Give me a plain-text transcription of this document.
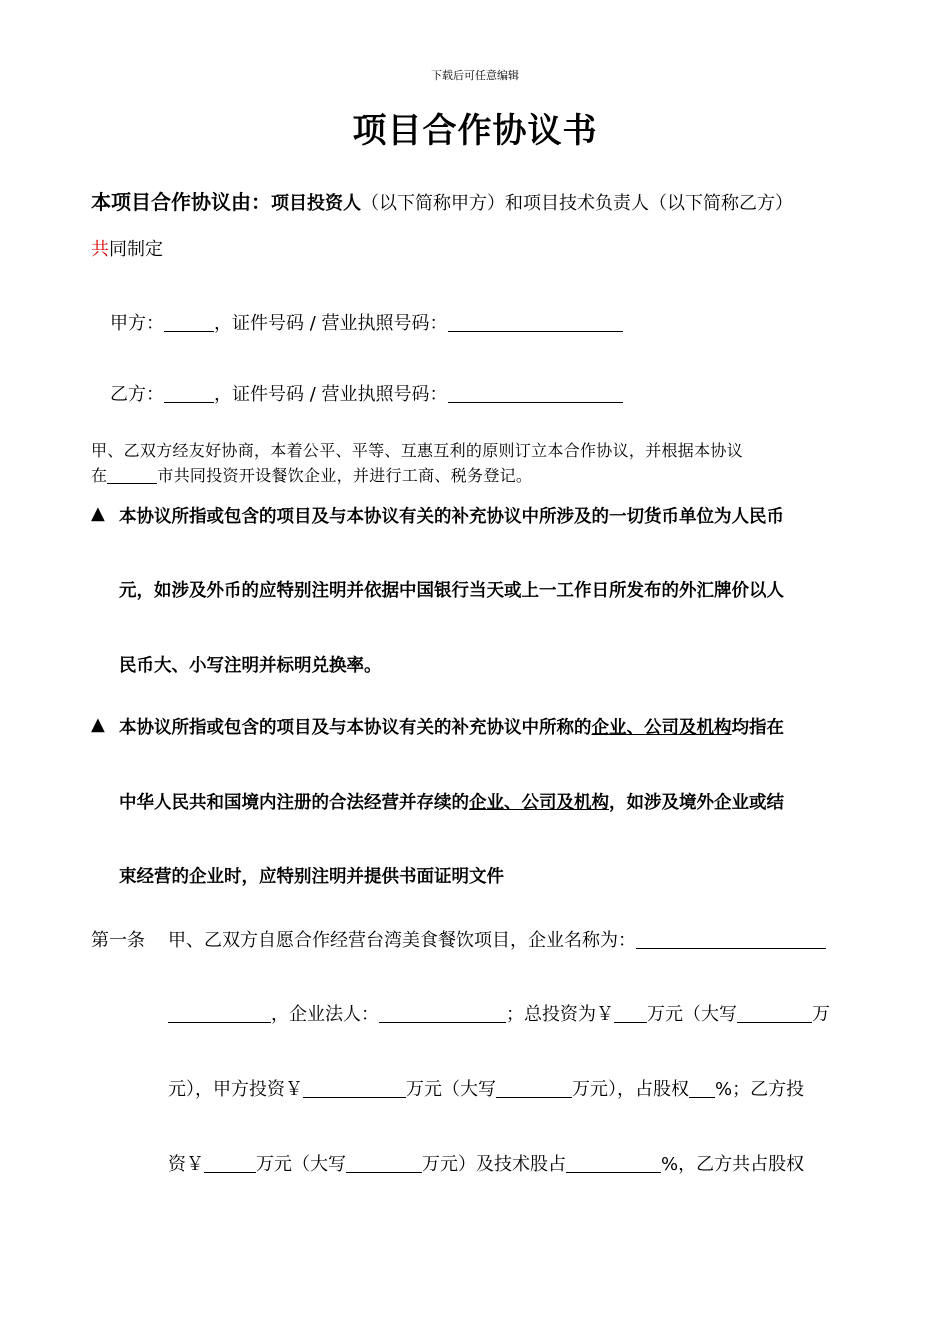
下载后可任意编辑
项目合作协议书
本项目合作协议由：项目投资人（以下简称甲方）和项目技术负责人（以下简称乙方）
共同制定
甲方：	，证件号码 / 营业执照号码：
乙方：	，证件号码 / 营业执照号码：
甲、乙双方经友好协商，本着公平、平等、互惠互利的原则订立本合作协议，并根据本协议
在	市共同投资开设餐饮企业，并进行工商、税务登记。
▲ 本协议所指或包含的项目及与本协议有关的补充协议中所涉及的一切货币单位为人民币
元，如涉及外币的应特别注明并依据中国银行当天或上一工作日所发布的外汇牌价以人
民币大、小写注明并标明兑换率。
▲ 本协议所指或包含的项目及与本协议有关的补充协议中所称的企业、公司及机构均指在
中华人民共和国境内注册的合法经营并存续的企业、公司及机构，如涉及境外企业或结
束经营的企业时，应特别注明并提供书面证明文件
第一条 甲、乙双方自愿合作经营台湾美食餐饮项目，企业名称为：
，企业法人：	；总投资为￥ 万元（大写	万
元），甲方投资￥	万元（大写	万元），占股权 %；乙方投
资￥	万元（大写	万元）及技术股占	%，乙方共占股权
